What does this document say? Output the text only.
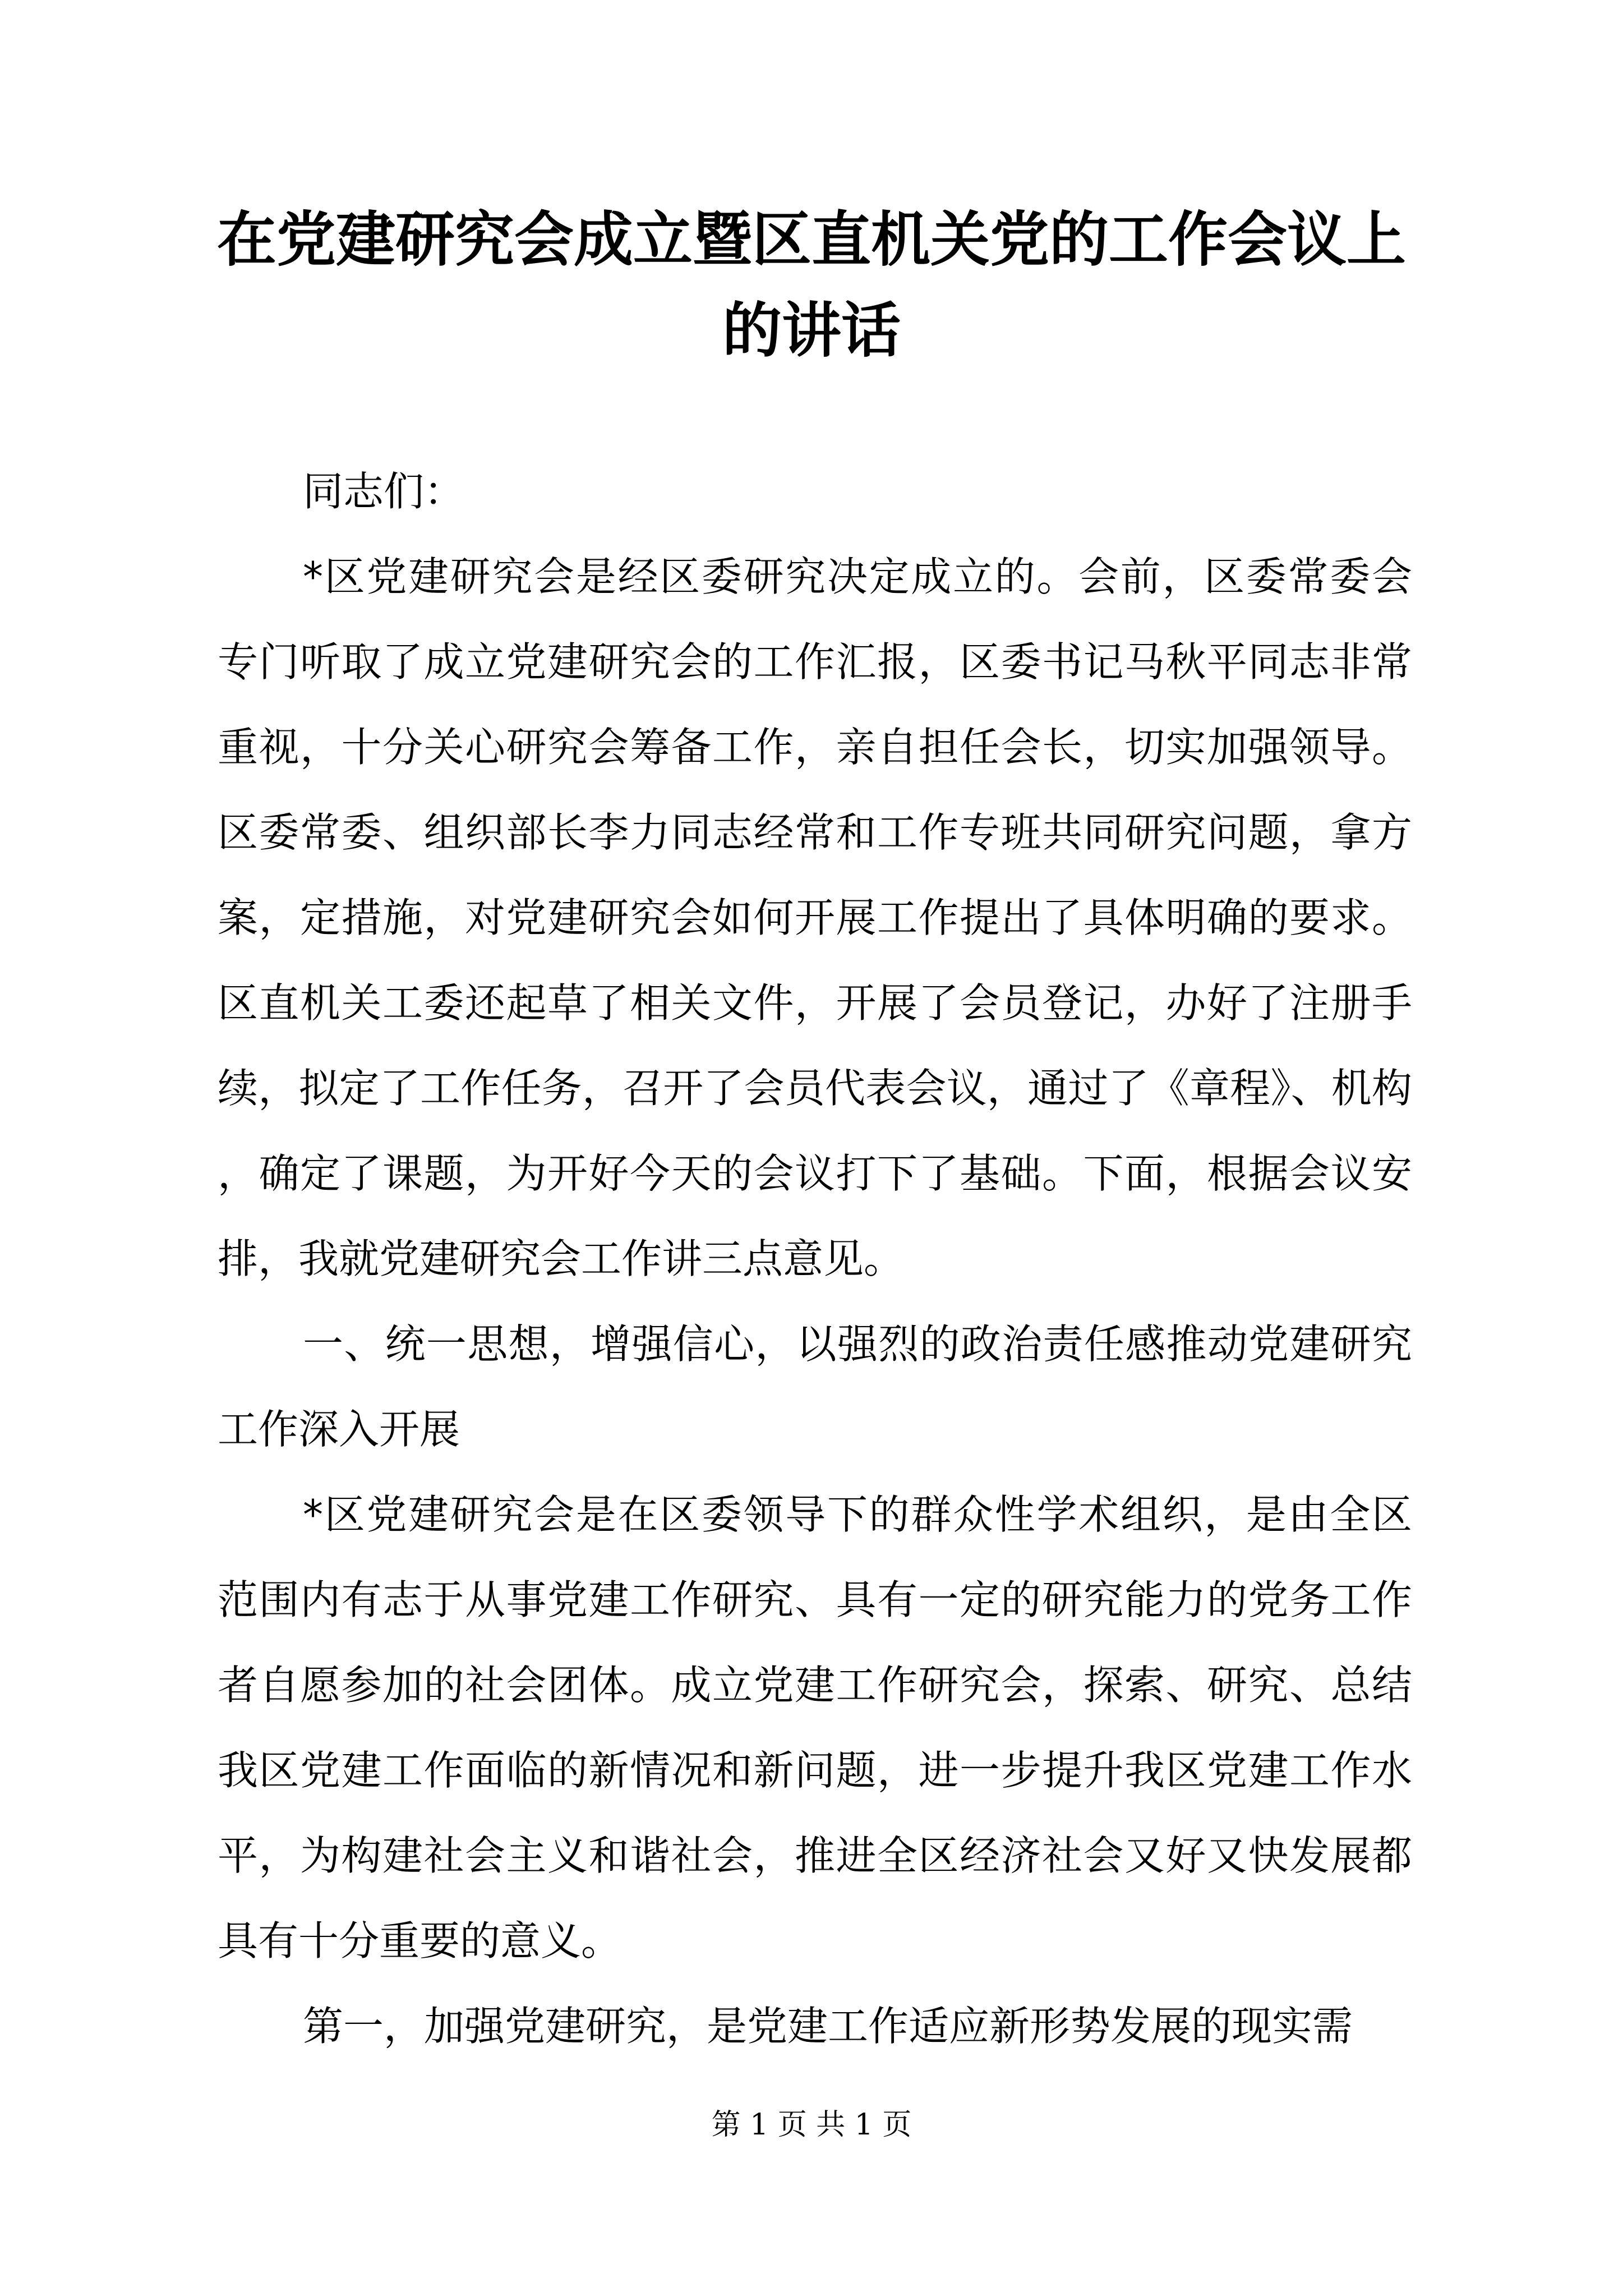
在党建研究会成立暨区直机关党的工作会议上的讲话

同志们：

*区党建研究会是经区委研究决定成立的。会前，区委常委会专门听取了成立党建研究会的工作汇报，区委书记马秋平同志非常重视，十分关心研究会筹备工作，亲自担任会长，切实加强领导。区委常委、组织部长李力同志经常和工作专班共同研究问题，拿方案，定措施，对党建研究会如何开展工作提出了具体明确的要求。区直机关工委还起草了相关文件，开展了会员登记，办好了注册手续，拟定了工作任务，召开了会员代表会议，通过了《章程》、机构，确定了课题，为开好今天的会议打下了基础。下面，根据会议安排，我就党建研究会工作讲三点意见。

一、统一思想，增强信心，以强烈的政治责任感推动党建研究工作深入开展

*区党建研究会是在区委领导下的群众性学术组织，是由全区范围内有志于从事党建工作研究、具有一定的研究能力的党务工作者自愿参加的社会团体。成立党建工作研究会，探索、研究、总结我区党建工作面临的新情况和新问题，进一步提升我区党建工作水平，为构建社会主义和谐社会，推进全区经济社会又好又快发展都具有十分重要的意义。

第一，加强党建研究，是党建工作适应新形势发展的现实需

第 1 页 共 1 页
